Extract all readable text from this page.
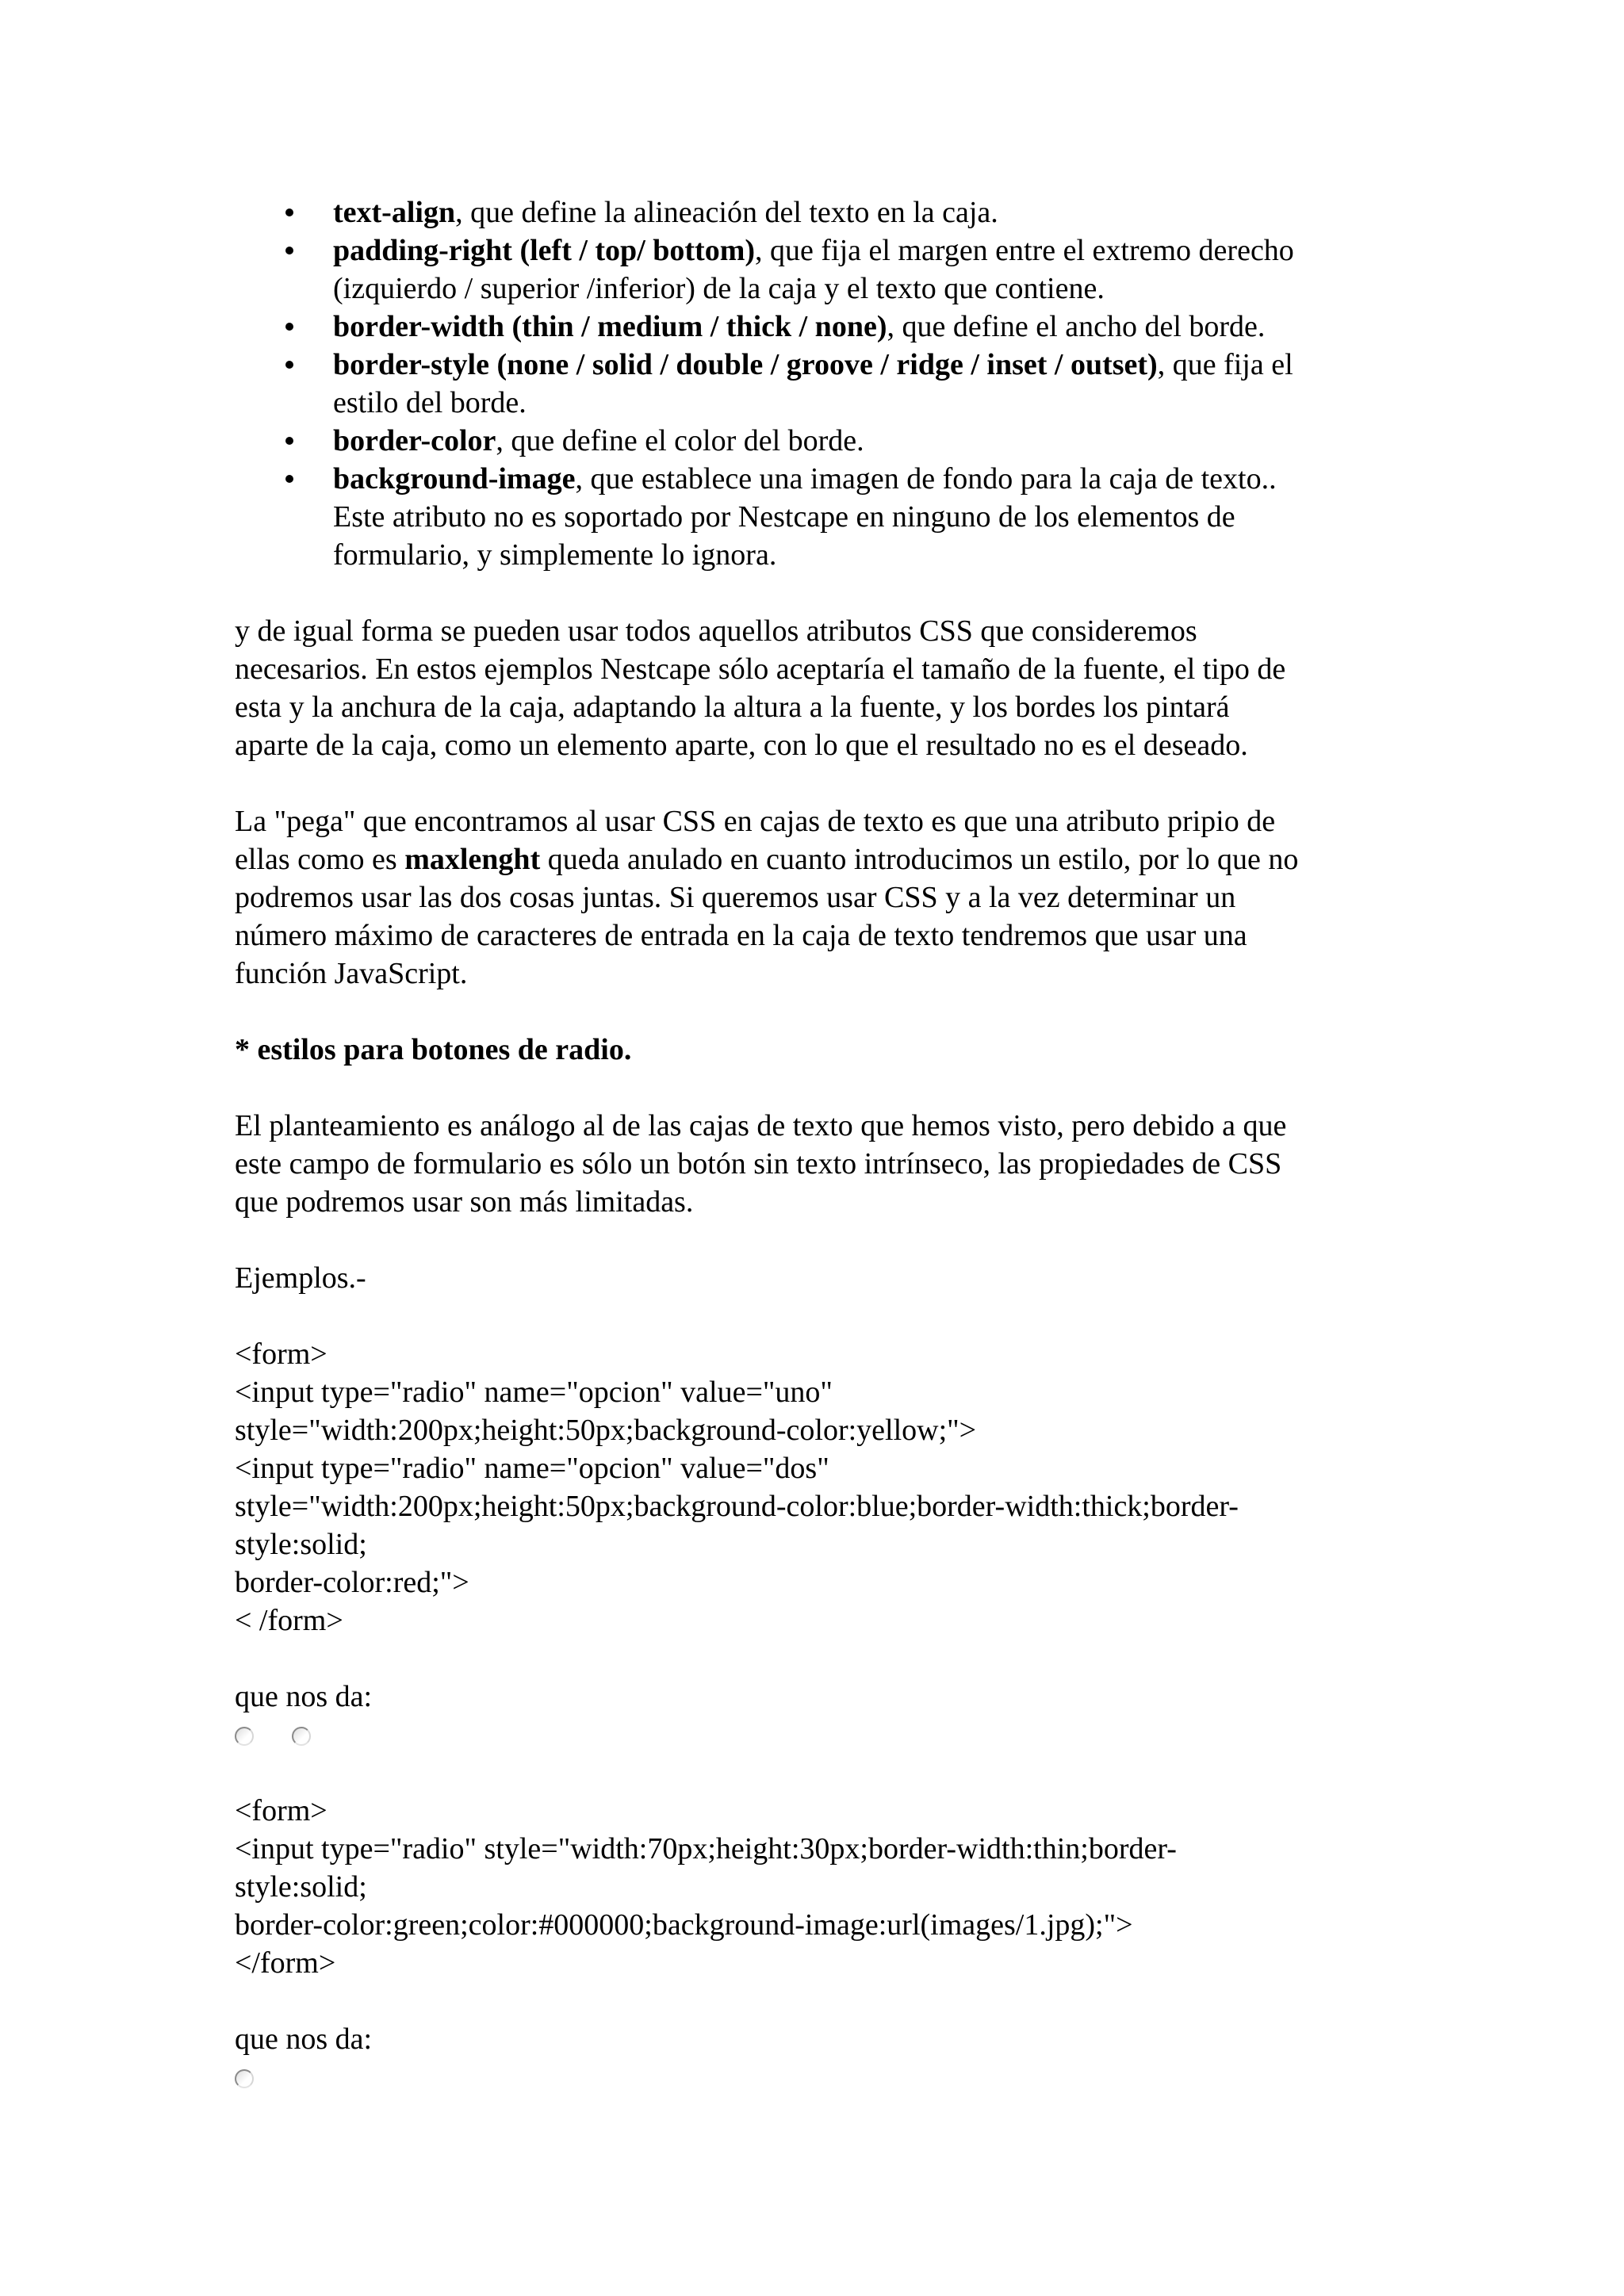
text-align, que define la alineación del texto en la caja.
padding-right (left / top/ bottom), que fija el margen entre el extremo derecho
(izquierdo / superior /inferior) de la caja y el texto que contiene.
border-width (thin / medium / thick / none), que define el ancho del borde.
border-style (none / solid / double / groove / ridge / inset / outset), que fija el
estilo del borde.
border-color, que define el color del borde.
background-image, que establece una imagen de fondo para la caja de texto..
Este atributo no es soportado por Nestcape en ninguno de los elementos de
formulario, y simplemente lo ignora.

y de igual forma se pueden usar todos aquellos atributos CSS que consideremos
necesarios. En estos ejemplos Nestcape sólo aceptaría el tamaño de la fuente, el tipo de
esta y la anchura de la caja, adaptando la altura a la fuente, y los bordes los pintará
aparte de la caja, como un elemento aparte, con lo que el resultado no es el deseado.

La "pega" que encontramos al usar CSS en cajas de texto es que una atributo pripio de
ellas como es maxlenght queda anulado en cuanto introducimos un estilo, por lo que no
podremos usar las dos cosas juntas. Si queremos usar CSS y a la vez determinar un
número máximo de caracteres de entrada en la caja de texto tendremos que usar una
función JavaScript.

* estilos para botones de radio.

El planteamiento es análogo al de las cajas de texto que hemos visto, pero debido a que
este campo de formulario es sólo un botón sin texto intrínseco, las propiedades de CSS
que podremos usar son más limitadas.

Ejemplos.-

<form>
<input type="radio" name="opcion" value="uno"
style="width:200px;height:50px;background-color:yellow;">
<input type="radio" name="opcion" value="dos"
style="width:200px;height:50px;background-color:blue;border-width:thick;border-
style:solid;
border-color:red;">
< /form>

que nos da:

<form>
<input type="radio" style="width:70px;height:30px;border-width:thin;border-
style:solid;
border-color:green;color:#000000;background-image:url(images/1.jpg);">
</form>

que nos da:
